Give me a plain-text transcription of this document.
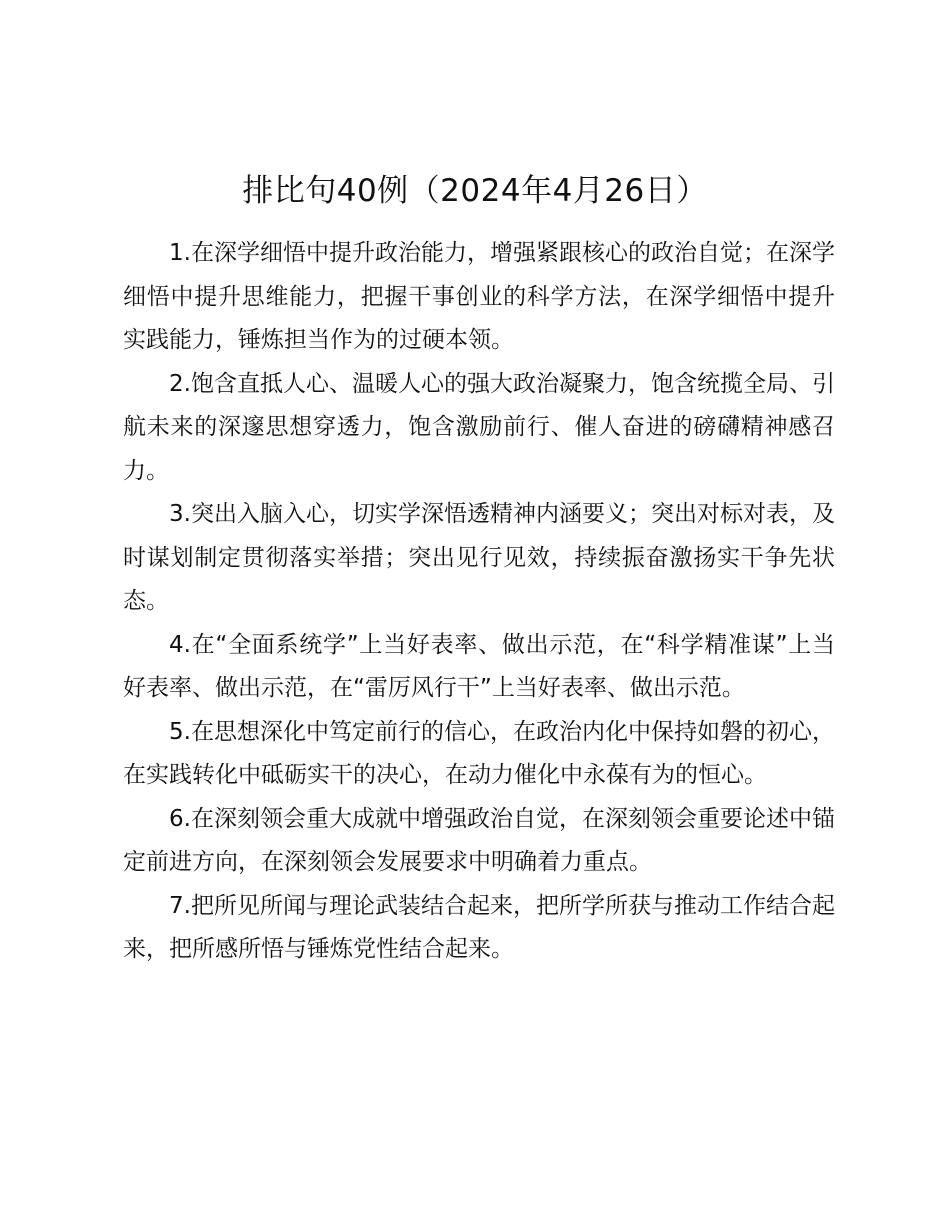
排比句40例（2024年4月26日）

1.在深学细悟中提升政治能力，增强紧跟核心的政治自觉；在深学细悟中提升思维能力，把握干事创业的科学方法，在深学细悟中提升实践能力，锤炼担当作为的过硬本领。

2.饱含直抵人心、温暖人心的强大政治凝聚力，饱含统揽全局、引航未来的深邃思想穿透力，饱含激励前行、催人奋进的磅礴精神感召力。

3.突出入脑入心，切实学深悟透精神内涵要义；突出对标对表，及时谋划制定贯彻落实举措；突出见行见效，持续振奋激扬实干争先状态。

4.在“全面系统学”上当好表率、做出示范，在“科学精准谋”上当好表率、做出示范，在“雷厉风行干”上当好表率、做出示范。

5.在思想深化中笃定前行的信心，在政治内化中保持如磐的初心，在实践转化中砥砺实干的决心，在动力催化中永葆有为的恒心。

6.在深刻领会重大成就中增强政治自觉，在深刻领会重要论述中锚定前进方向，在深刻领会发展要求中明确着力重点。

7.把所见所闻与理论武装结合起来，把所学所获与推动工作结合起来，把所感所悟与锤炼党性结合起来。
